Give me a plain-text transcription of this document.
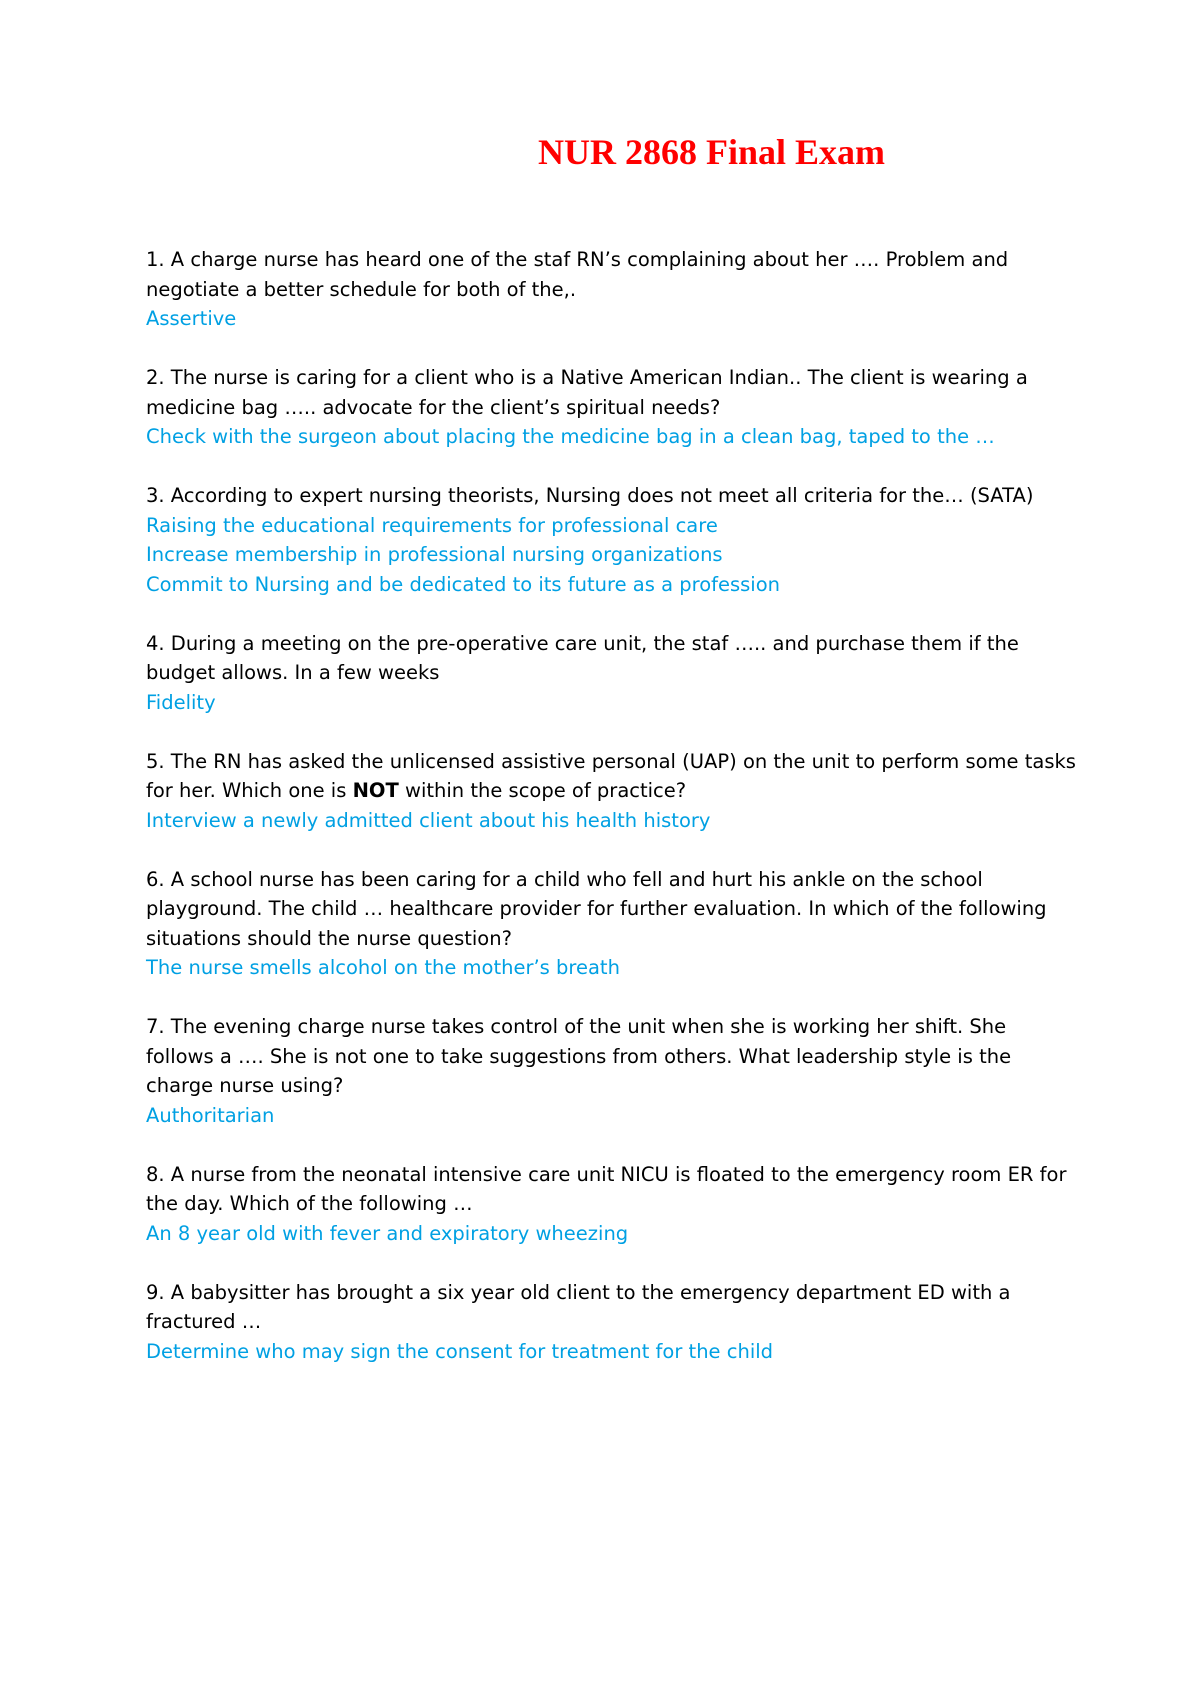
NUR 2868 Final Exam

1. A charge nurse has heard one of the staf RN’s complaining about her …. Problem and negotiate a better schedule for both of the,.

Assertive

2. The nurse is caring for a client who is a Native American Indian.. The client is wearing a medicine bag ….. advocate for the client’s spiritual needs?

Check with the surgeon about placing the medicine bag in a clean bag, taped to the …

3. According to expert nursing theorists, Nursing does not meet all criteria for the… (SATA)

Raising the educational requirements for professional care

Increase membership in professional nursing organizations

Commit to Nursing and be dedicated to its future as a profession

4. During a meeting on the pre-operative care unit, the staf ….. and purchase them if the budget allows. In a few weeks

Fidelity

5. The RN has asked the unlicensed assistive personal (UAP) on the unit to perform some tasks for her. Which one is NOT within the scope of practice?

Interview a newly admitted client about his health history

6. A school nurse has been caring for a child who fell and hurt his ankle on the school playground. The child … healthcare provider for further evaluation. In which of the following situations should the nurse question?

The nurse smells alcohol on the mother’s breath

7. The evening charge nurse takes control of the unit when she is working her shift. She follows a …. She is not one to take suggestions from others. What leadership style is the charge nurse using?

Authoritarian

8. A nurse from the neonatal intensive care unit NICU is floated to the emergency room ER for the day. Which of the following …

An 8 year old with fever and expiratory wheezing

9. A babysitter has brought a six year old client to the emergency department ED with a fractured …

Determine who may sign the consent for treatment for the child
